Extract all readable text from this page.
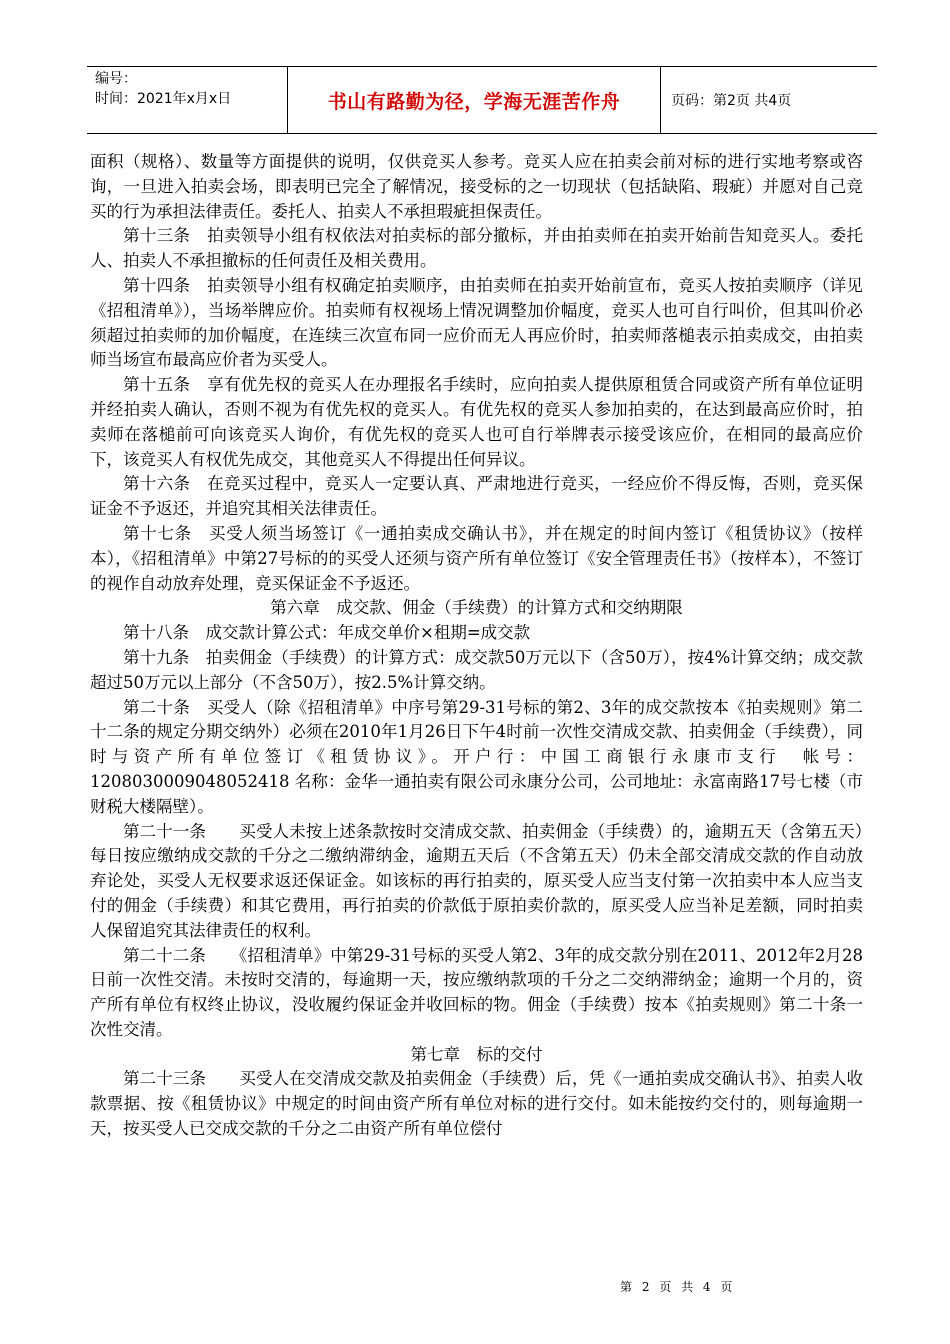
编号：
时间：2021年x月x日	书山有路勤为径，学海无涯苦作舟	页码：第2页 共4页

面积（规格）、数量等方面提供的说明，仅供竞买人参考。竞买人应在拍卖会前对标的进行实地考察或咨询，一旦进入拍卖会场，即表明已完全了解情况，接受标的之一切现状（包括缺陷、瑕疵）并愿对自己竞买的行为承担法律责任。委托人、拍卖人不承担瑕疵担保责任。

第十三条　拍卖领导小组有权依法对拍卖标的部分撤标，并由拍卖师在拍卖开始前告知竞买人。委托人、拍卖人不承担撤标的任何责任及相关费用。

第十四条　拍卖领导小组有权确定拍卖顺序，由拍卖师在拍卖开始前宣布，竞买人按拍卖顺序（详见《招租清单》），当场举牌应价。拍卖师有权视场上情况调整加价幅度，竞买人也可自行叫价，但其叫价必须超过拍卖师的加价幅度，在连续三次宣布同一应价而无人再应价时，拍卖师落槌表示拍卖成交，由拍卖师当场宣布最高应价者为买受人。

第十五条　享有优先权的竞买人在办理报名手续时，应向拍卖人提供原租赁合同或资产所有单位证明并经拍卖人确认，否则不视为有优先权的竞买人。有优先权的竞买人参加拍卖的，在达到最高应价时，拍卖师在落槌前可向该竞买人询价，有优先权的竞买人也可自行举牌表示接受该应价，在相同的最高应价下，该竞买人有权优先成交，其他竞买人不得提出任何异议。

第十六条　在竞买过程中，竞买人一定要认真、严肃地进行竞买，一经应价不得反悔，否则，竞买保证金不予返还，并追究其相关法律责任。

第十七条　买受人须当场签订《一通拍卖成交确认书》，并在规定的时间内签订《租赁协议》（按样本），《招租清单》中第27号标的的买受人还须与资产所有单位签订《安全管理责任书》（按样本），不签订的视作自动放弃处理，竞买保证金不予返还。

第六章　成交款、佣金（手续费）的计算方式和交纳期限

第十八条　成交款计算公式：年成交单价×租期=成交款

第十九条　拍卖佣金（手续费）的计算方式：成交款50万元以下（含50万），按4%计算交纳；成交款超过50万元以上部分（不含50万），按2.5%计算交纳。

第二十条　买受人（除《招租清单》中序号第29-31号标的第2、3年的成交款按本《拍卖规则》第二十二条的规定分期交纳外）必须在2010年1月26日下午4时前一次性交清成交款、拍卖佣金（手续费），同时与资产所有单位签订《租赁协议》。开户行：中国工商银行永康市支行　帐号：1208030009048052418 名称：金华一通拍卖有限公司永康分公司，公司地址：永富南路17号七楼（市财税大楼隔壁）。

第二十一条　　买受人未按上述条款按时交清成交款、拍卖佣金（手续费）的，逾期五天（含第五天）每日按应缴纳成交款的千分之二缴纳滞纳金，逾期五天后（不含第五天）仍未全部交清成交款的作自动放弃论处，买受人无权要求返还保证金。如该标的再行拍卖的，原买受人应当支付第一次拍卖中本人应当支付的佣金（手续费）和其它费用，再行拍卖的价款低于原拍卖价款的，原买受人应当补足差额，同时拍卖人保留追究其法律责任的权利。

第二十二条　　《招租清单》中第29-31号标的买受人第2、3年的成交款分别在2011、2012年2月28日前一次性交清。未按时交清的，每逾期一天，按应缴纳款项的千分之二交纳滞纳金；逾期一个月的，资产所有单位有权终止协议，没收履约保证金并收回标的物。佣金（手续费）按本《拍卖规则》第二十条一次性交清。

第七章　标的交付

第二十三条　　买受人在交清成交款及拍卖佣金（手续费）后，凭《一通拍卖成交确认书》、拍卖人收款票据、按《租赁协议》中规定的时间由资产所有单位对标的进行交付。如未能按约交付的，则每逾期一天，按买受人已交成交款的千分之二由资产所有单位偿付

第 2 页 共 4 页
